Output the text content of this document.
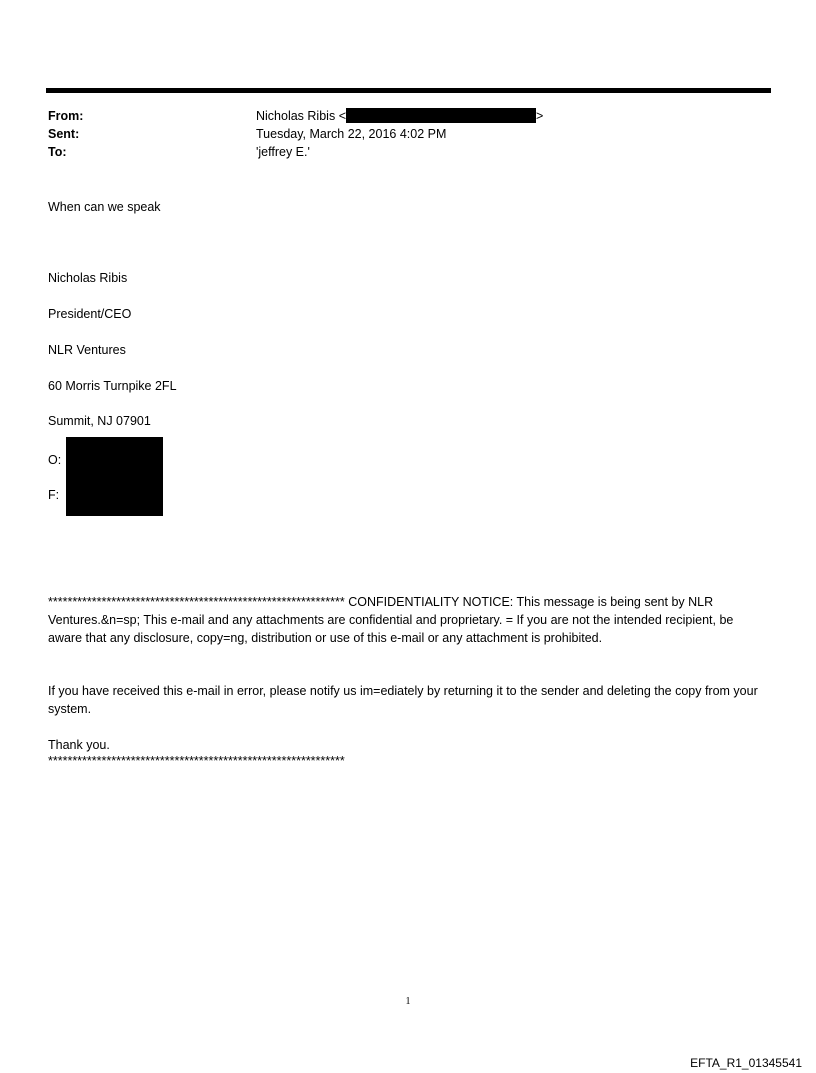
From:
Sent:
To:
Nicholas Ribis <	>
Tuesday, March 22, 2016 4:02 PM
'jeffrey E.'
When can we speak
Nicholas Ribis
President/CEO
NLR Ventures
60 Morris Turnpike 2FL
Summit, NJ 07901
O:
F:
************************************************************* CONFIDENTIALITY NOTICE: This message is being sent by NLR Ventures.&n=sp; This e-mail and any attachments are confidential and proprietary. = If you are not the intended recipient, be aware that any disclosure, copy=ng, distribution or use of this e-mail or any attachment is prohibited.
If you have received this e-mail in error, please notify us im=ediately by returning it to the sender and deleting the copy from your system.
Thank you.
*************************************************************
1
EFTA_R1_01345541
